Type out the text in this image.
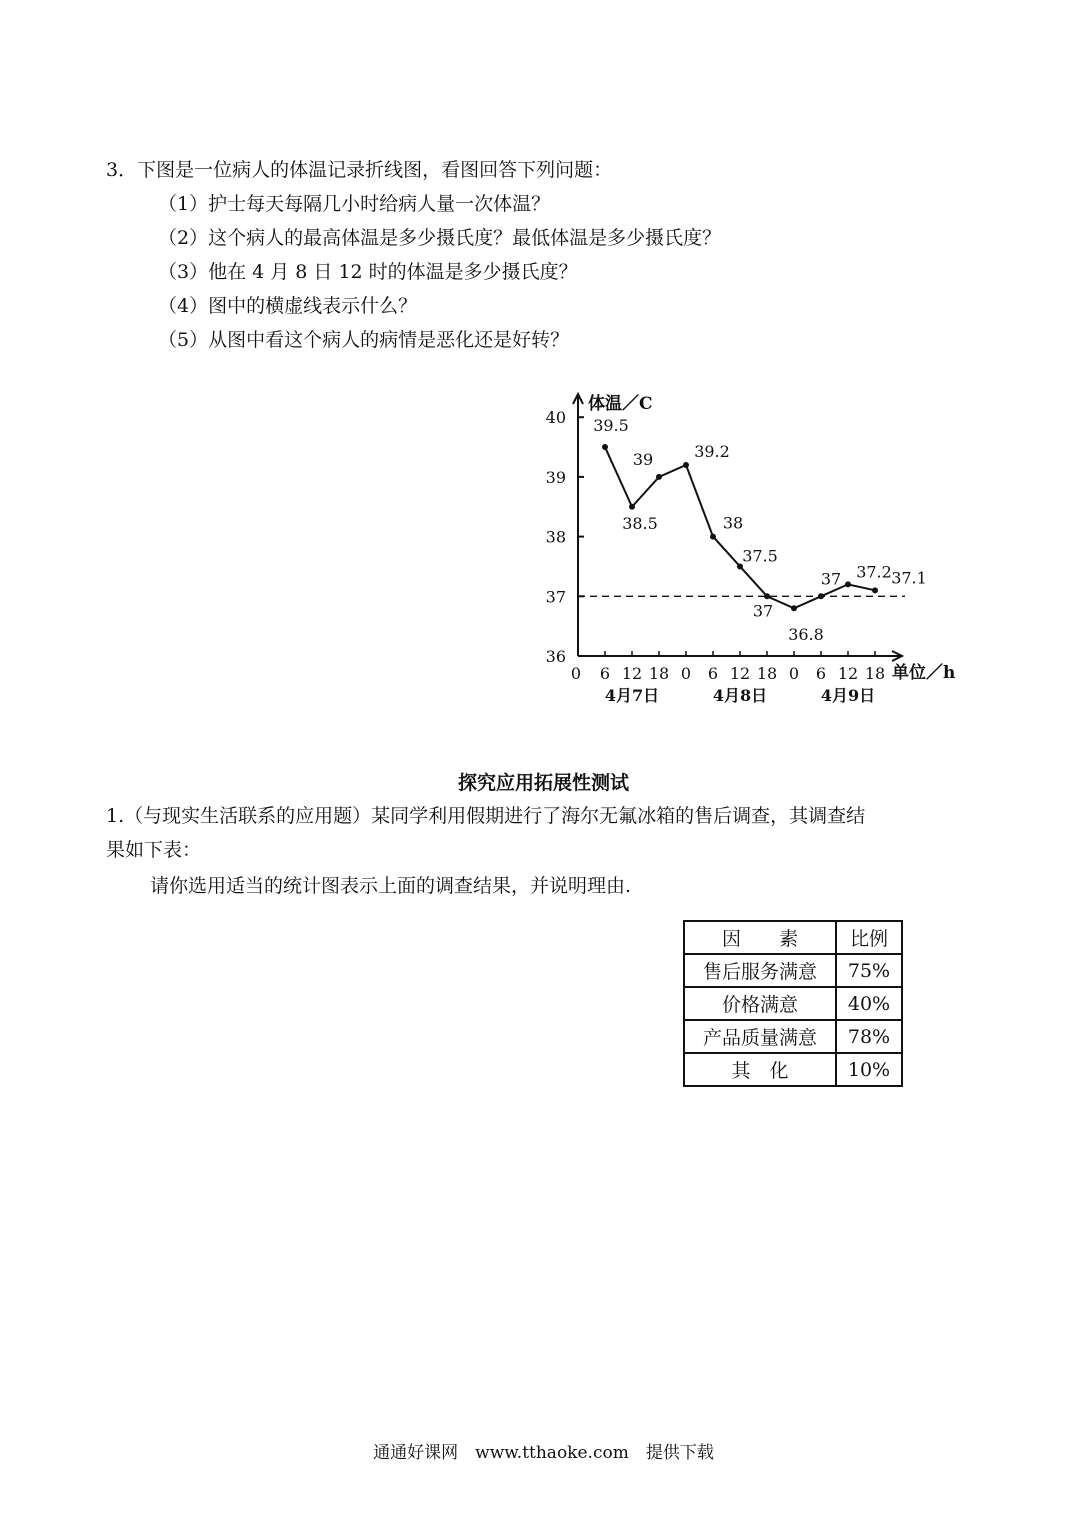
3．下图是一位病人的体温记录折线图，看图回答下列问题：
（1）护士每天每隔几小时给病人量一次体温？
（2）这个病人的最高体温是多少摄氏度？最低体温是多少摄氏度？
（3）他在 4 月 8 日 12 时的体温是多少摄氏度？
（4）图中的横虚线表示什么？
（5）从图中看这个病人的病情是恶化还是好转？
36
37
38
39
40
体温／C
单位／h
0 6 12 18 0 6 12 18 0 6 12 18
4月7日	4月8日	4月9日
39.5
38.5
39	39.2
38
37.5
37
36.8
37 37.2 37.1
探究应用拓展性测试
1.（与现实生活联系的应用题）某同学利用假期进行了海尔无氟冰箱的售后调查，其调查结
果如下表：
请你选用适当的统计图表示上面的调查结果，并说明理由.
因　　素	比例
售后服务满意	75%
价格满意	40%
产品质量满意	78%
其　化	10%
通通好课网　www.tthaoke.com　提供下载
